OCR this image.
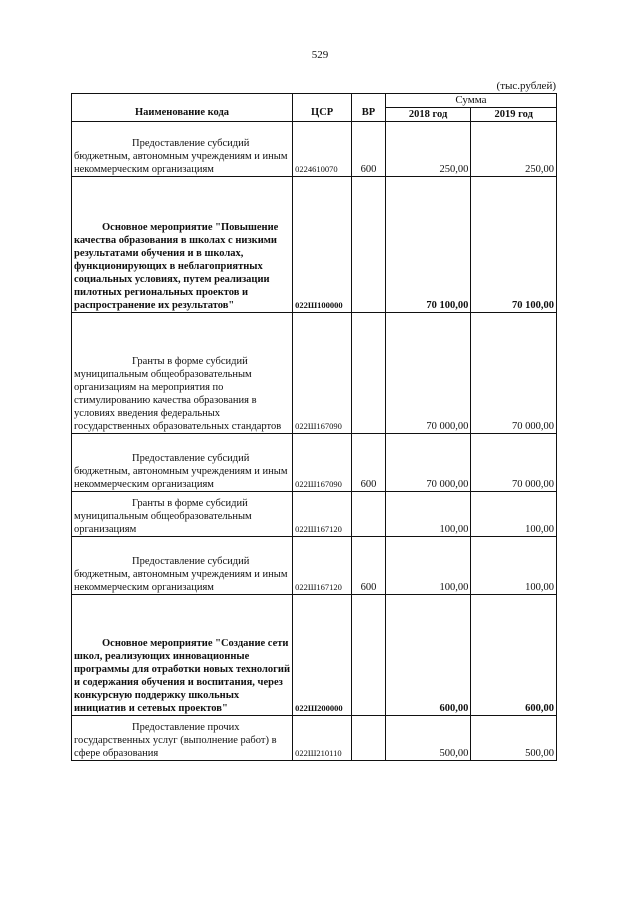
529
(тыс.рублей)
Наименование кода	ЦСР	ВР	Сумма	
			2018 год	2019 год

Предоставление субсидий бюджетным, автономным учреждениям и иным некоммерческим организациям	0224610070	600	250,00	250,00

Основное мероприятие "Повышение качества образования в школах с низкими результатами обучения и в школах, функционирующих в неблагоприятных социальных условиях, путем реализации пилотных региональных проектов и распространение их результатов"	022Ш100000		70 100,00	70 100,00

Гранты в форме субсидий муниципальным общеобразовательным организациям на мероприятия по стимулированию качества образования в условиях введения федеральных государственных образовательных стандартов	022Ш167090		70 000,00	70 000,00

Предоставление субсидий бюджетным, автономным учреждениям и иным некоммерческим организациям	022Ш167090	600	70 000,00	70 000,00

Гранты в форме субсидий муниципальным общеобразовательным организациям	022Ш167120		100,00	100,00

Предоставление субсидий бюджетным, автономным учреждениям и иным некоммерческим организациям	022Ш167120	600	100,00	100,00

Основное мероприятие "Создание сети школ, реализующих инновационные программы для отработки новых технологий и содержания обучения и воспитания, через конкурсную поддержку школьных инициатив и сетевых проектов"	022Ш200000		600,00	600,00

Предоставление прочих государственных услуг (выполнение работ) в сфере образования	022Ш210110		500,00	500,00
